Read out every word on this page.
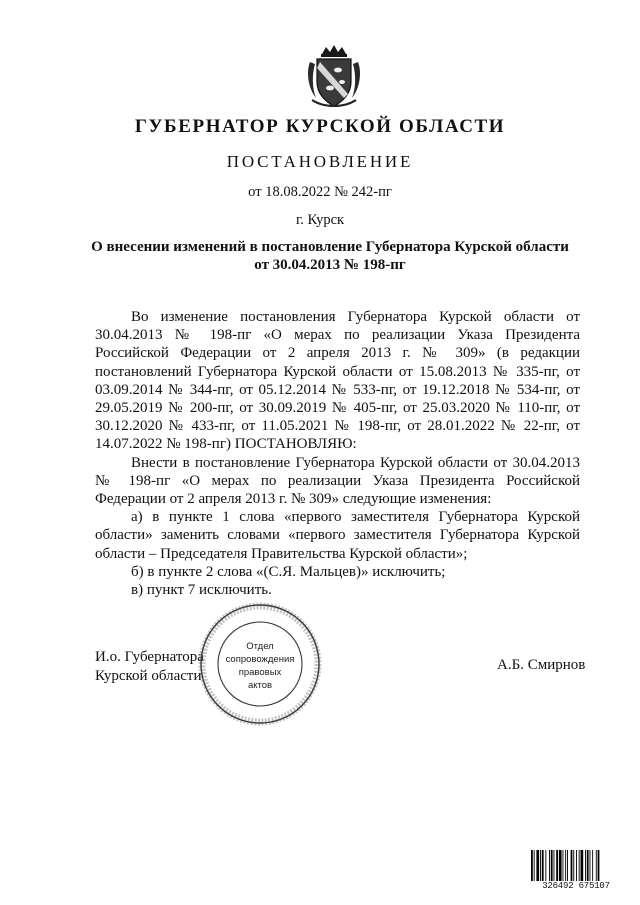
ГУБЕРНАТОР КУРСКОЙ ОБЛАСТИ
ПОСТАНОВЛЕНИЕ
от 18.08.2022 № 242-пг
г. Курск
О внесении изменений в постановление Губернатора Курской области
от 30.04.2013 № 198-пг

Во изменение постановления Губернатора Курской области от 30.04.2013 № 198-пг «О мерах по реализации Указа Президента Российской Федерации от 2 апреля 2013 г. № 309» (в редакции постановлений Губернатора Курской области от 15.08.2013 № 335-пг, от 03.09.2014 № 344-пг, от 05.12.2014 № 533-пг, от 19.12.2018 № 534-пг, от 29.05.2019 № 200-пг, от 30.09.2019 № 405-пг, от 25.03.2020 № 110-пг, от 30.12.2020 № 433-пг, от 11.05.2021 № 198-пг, от 28.01.2022 № 22-пг, от 14.07.2022 № 198-пг) ПОСТАНОВЛЯЮ:

Внести в постановление Губернатора Курской области от 30.04.2013 № 198-пг «О мерах по реализации Указа Президента Российской Федерации от 2 апреля 2013 г. № 309» следующие изменения:

а) в пункте 1 слова «первого заместителя Губернатора Курской области» заменить словами «первого заместителя Губернатора Курской области – Председателя Правительства Курской области»;

б) в пункте 2 слова «(С.Я. Мальцев)» исключить;

в) пункт 7 исключить.

И.о. Губернатора
Курской области
А.Б. Смирнов
Отдел
сопровождения
правовых
актов
326492 675107
